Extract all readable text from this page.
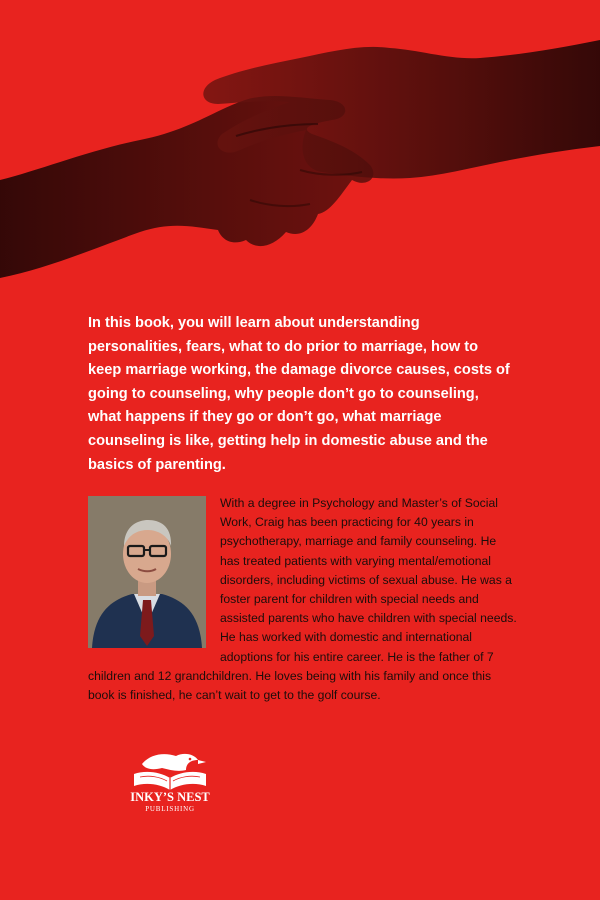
In this book, you will learn about understanding personalities, fears, what to do prior to marriage, how to keep marriage working, the damage divorce causes, costs of going to counseling, why people don’t go to counseling, what happens if they go or don’t go, what marriage counseling is like, getting help in domestic abuse and the basics of parenting.

With a degree in Psychology and Master’s of Social Work, Craig has been practicing for 40 years in psychotherapy, marriage and family counseling. He has treated patients with varying mental/emotional disorders, including victims of sexual abuse. He was a foster parent for children with special needs and assisted parents who have children with special needs. He has worked with domestic and international adoptions for his entire career. He is the father of 7 children and 12 grandchildren. He loves being with his family and once this book is finished, he can’t wait to get to the golf course.
INKY’S NEST
PUBLISHING
